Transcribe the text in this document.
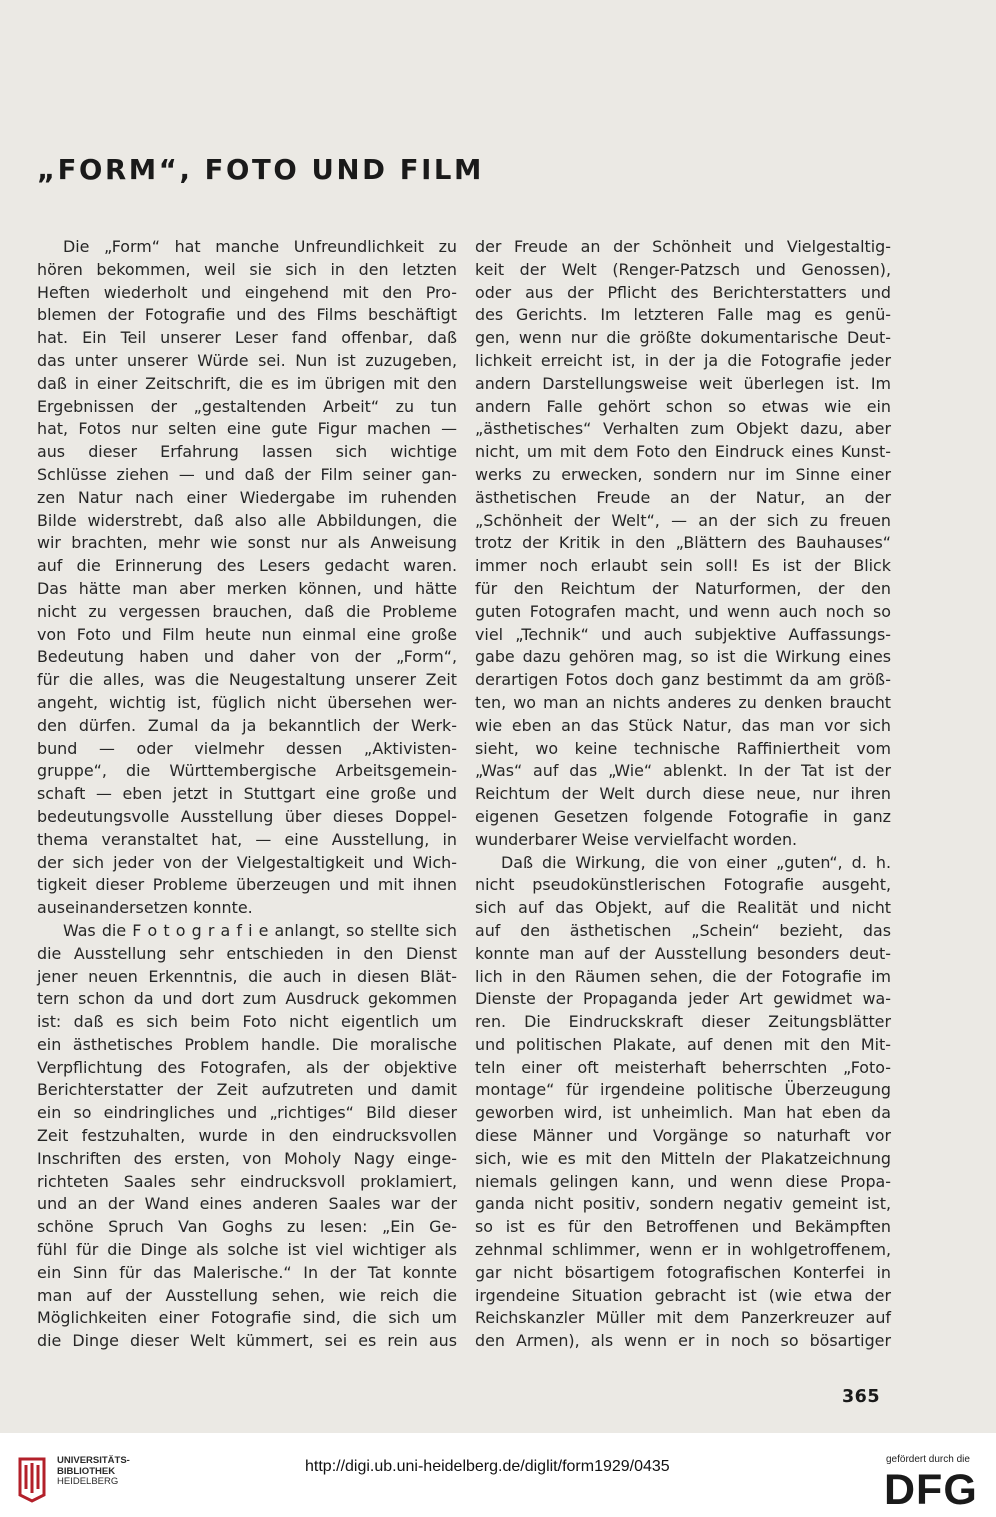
„FORM“, FOTO UND FILM
Die „Form“ hat manche Unfreundlichkeit zu
hören bekommen, weil sie sich in den letzten
Heften wiederholt und eingehend mit den Pro-
blemen der Fotografie und des Films beschäftigt
hat. Ein Teil unserer Leser fand offenbar, daß
das unter unserer Würde sei. Nun ist zuzugeben,
daß in einer Zeitschrift, die es im übrigen mit den
Ergebnissen der „gestaltenden Arbeit“ zu tun
hat, Fotos nur selten eine gute Figur machen —
aus dieser Erfahrung lassen sich wichtige
Schlüsse ziehen — und daß der Film seiner gan-
zen Natur nach einer Wiedergabe im ruhenden
Bilde widerstrebt, daß also alle Abbildungen, die
wir brachten, mehr wie sonst nur als Anweisung
auf die Erinnerung des Lesers gedacht waren.
Das hätte man aber merken können, und hätte
nicht zu vergessen brauchen, daß die Probleme
von Foto und Film heute nun einmal eine große
Bedeutung haben und daher von der „Form“,
für die alles, was die Neugestaltung unserer Zeit
angeht, wichtig ist, füglich nicht übersehen wer-
den dürfen. Zumal da ja bekanntlich der Werk-
bund — oder vielmehr dessen „Aktivisten-
gruppe“, die Württembergische Arbeitsgemein-
schaft — eben jetzt in Stuttgart eine große und
bedeutungsvolle Ausstellung über dieses Doppel-
thema veranstaltet hat, — eine Ausstellung, in
der sich jeder von der Vielgestaltigkeit und Wich-
tigkeit dieser Probleme überzeugen und mit ihnen
auseinandersetzen konnte.
Was die F o t o g r a f i e anlangt, so stellte sich
die Ausstellung sehr entschieden in den Dienst
jener neuen Erkenntnis, die auch in diesen Blät-
tern schon da und dort zum Ausdruck gekommen
ist: daß es sich beim Foto nicht eigentlich um
ein ästhetisches Problem handle. Die moralische
Verpflichtung des Fotografen, als der objektive
Berichterstatter der Zeit aufzutreten und damit
ein so eindringliches und „richtiges“ Bild dieser
Zeit festzuhalten, wurde in den eindrucksvollen
Inschriften des ersten, von Moholy Nagy einge-
richteten Saales sehr eindrucksvoll proklamiert,
und an der Wand eines anderen Saales war der
schöne Spruch Van Goghs zu lesen: „Ein Ge-
fühl für die Dinge als solche ist viel wichtiger als
ein Sinn für das Malerische.“ In der Tat konnte
man auf der Ausstellung sehen, wie reich die
Möglichkeiten einer Fotografie sind, die sich um
die Dinge dieser Welt kümmert, sei es rein aus
der Freude an der Schönheit und Vielgestaltig-
keit der Welt (Renger-Patzsch und Genossen),
oder aus der Pflicht des Berichterstatters und
des Gerichts. Im letzteren Falle mag es genü-
gen, wenn nur die größte dokumentarische Deut-
lichkeit erreicht ist, in der ja die Fotografie jeder
andern Darstellungsweise weit überlegen ist. Im
andern Falle gehört schon so etwas wie ein
„ästhetisches“ Verhalten zum Objekt dazu, aber
nicht, um mit dem Foto den Eindruck eines Kunst-
werks zu erwecken, sondern nur im Sinne einer
ästhetischen Freude an der Natur, an der
„Schönheit der Welt“, — an der sich zu freuen
trotz der Kritik in den „Blättern des Bauhauses“
immer noch erlaubt sein soll! Es ist der Blick
für den Reichtum der Naturformen, der den
guten Fotografen macht, und wenn auch noch so
viel „Technik“ und auch subjektive Auffassungs-
gabe dazu gehören mag, so ist die Wirkung eines
derartigen Fotos doch ganz bestimmt da am größ-
ten, wo man an nichts anderes zu denken braucht
wie eben an das Stück Natur, das man vor sich
sieht, wo keine technische Raffiniertheit vom
„Was“ auf das „Wie“ ablenkt. In der Tat ist der
Reichtum der Welt durch diese neue, nur ihren
eigenen Gesetzen folgende Fotografie in ganz
wunderbarer Weise vervielfacht worden.
Daß die Wirkung, die von einer „guten“, d. h.
nicht pseudokünstlerischen Fotografie ausgeht,
sich auf das Objekt, auf die Realität und nicht
auf den ästhetischen „Schein“ bezieht, das
konnte man auf der Ausstellung besonders deut-
lich in den Räumen sehen, die der Fotografie im
Dienste der Propaganda jeder Art gewidmet wa-
ren. Die Eindruckskraft dieser Zeitungsblätter
und politischen Plakate, auf denen mit den Mit-
teln einer oft meisterhaft beherrschten „Foto-
montage“ für irgendeine politische Überzeugung
geworben wird, ist unheimlich. Man hat eben da
diese Männer und Vorgänge so naturhaft vor
sich, wie es mit den Mitteln der Plakatzeichnung
niemals gelingen kann, und wenn diese Propa-
ganda nicht positiv, sondern negativ gemeint ist,
so ist es für den Betroffenen und Bekämpften
zehnmal schlimmer, wenn er in wohlgetroffenem,
gar nicht bösartigem fotografischen Konterfei in
irgendeine Situation gebracht ist (wie etwa der
Reichskanzler Müller mit dem Panzerkreuzer auf
den Armen), als wenn er in noch so bösartiger
365
UNIVERSITÄTS-
BIBLIOTHEK
HEIDELBERG
http://digi.ub.uni-heidelberg.de/diglit/form1929/0435	gefördert durch die
DFG
